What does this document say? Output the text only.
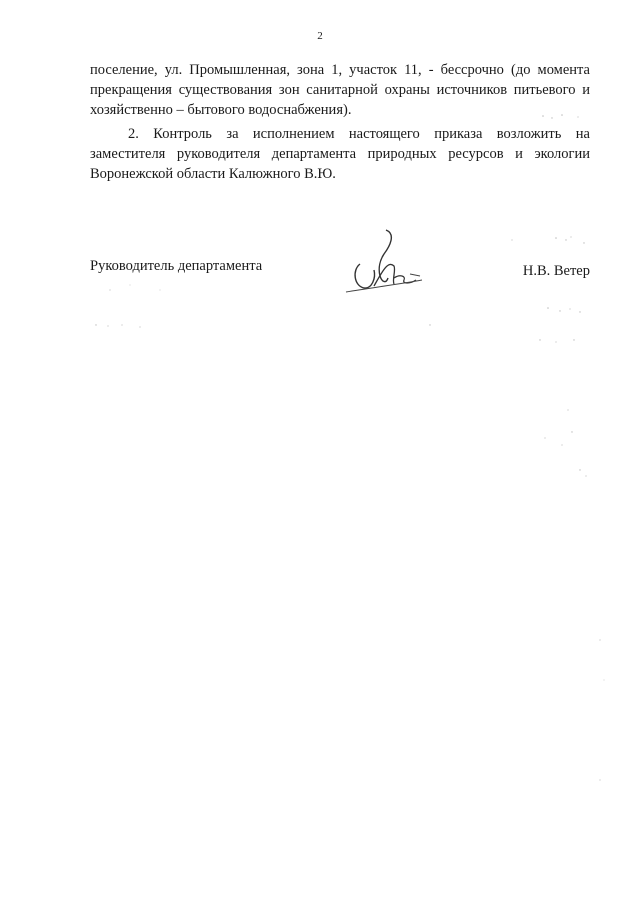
2
поселение, ул. Промышленная, зона 1, участок 11, - бессрочно (до момента
прекращения существования зон санитарной охраны источников питьевого и
хозяйственно – бытового водоснабжения).
2. Контроль за исполнением настоящего приказа возложить на
заместителя руководителя департамента природных ресурсов и экологии
Воронежской области Калюжного В.Ю.
Руководитель департамента	Н.В. Ветер
